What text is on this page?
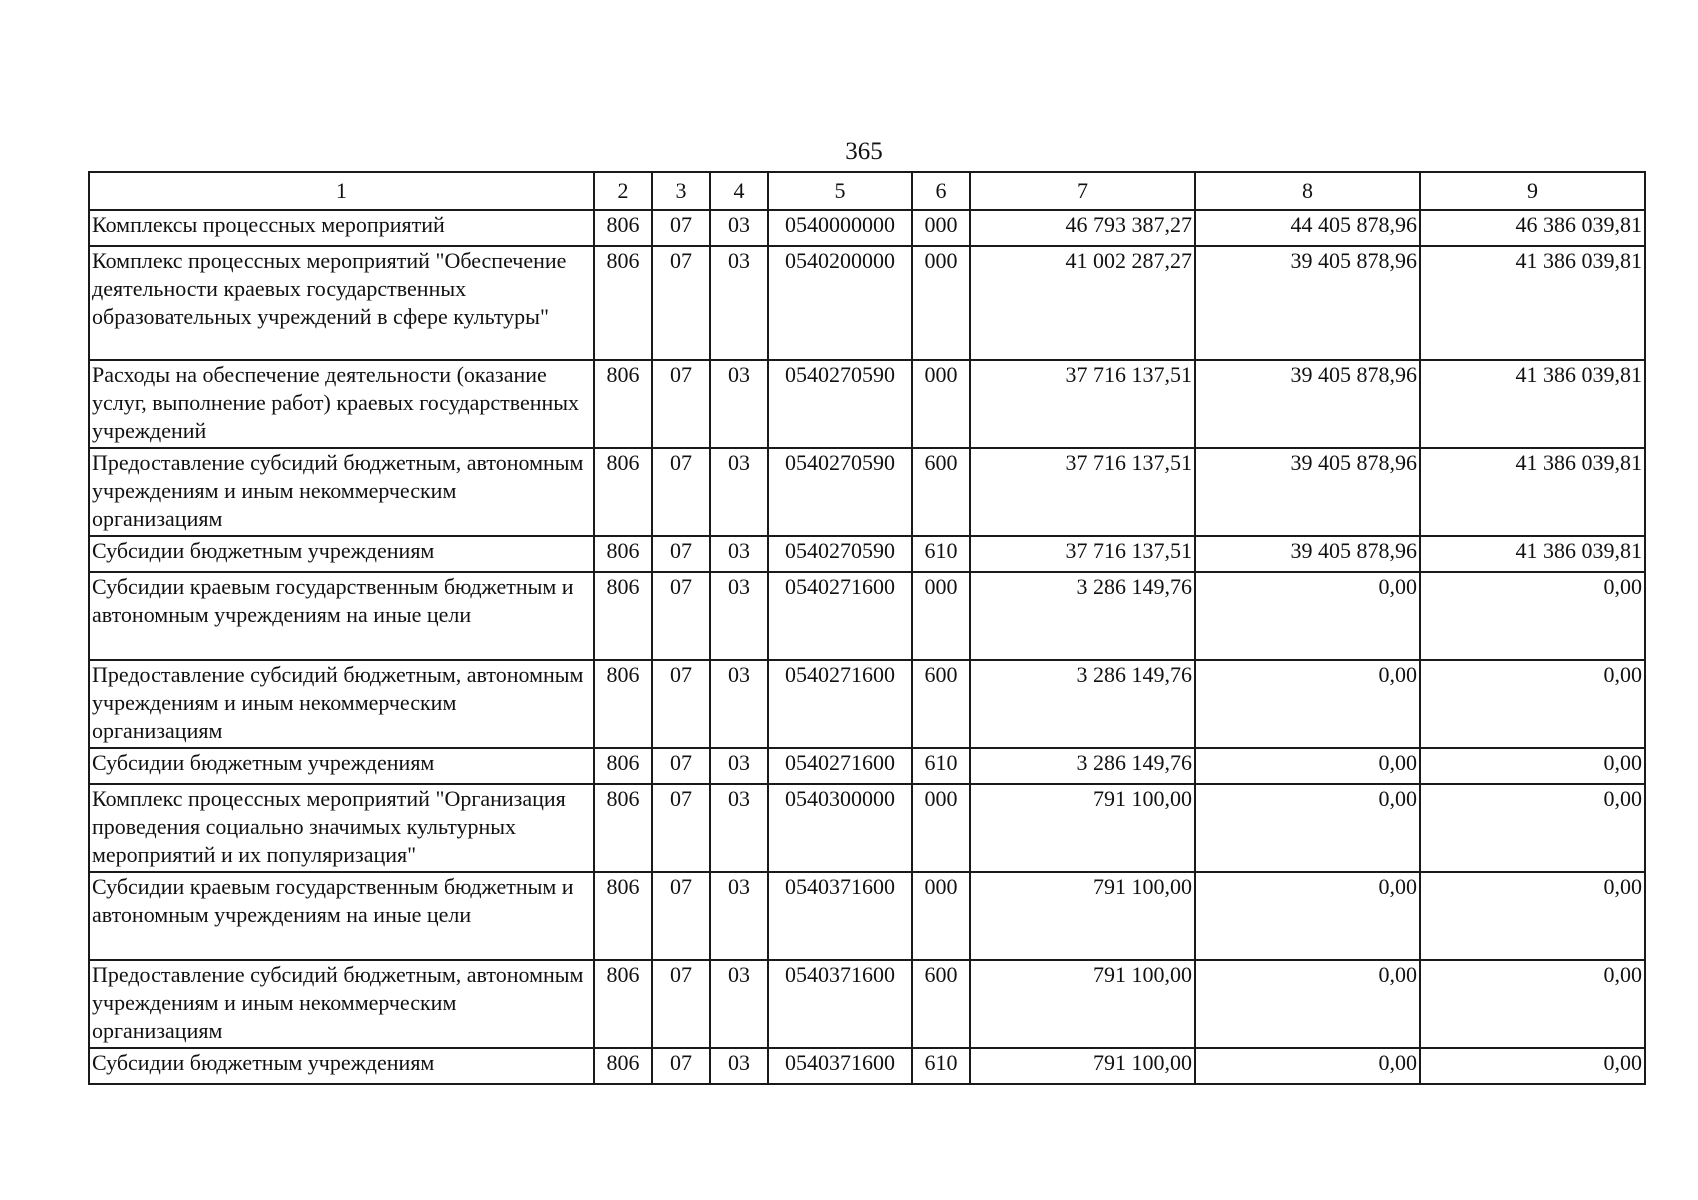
365
1	2	3	4	5	6	7	8	9
Комплексы процессных мероприятий	806	07	03	0540000000	000	46 793 387,27	44 405 878,96	46 386 039,81
Комплекс процессных мероприятий "Обеспечение деятельности краевых государственных образовательных учреждений в сфере культуры"	806	07	03	0540200000	000	41 002 287,27	39 405 878,96	41 386 039,81
Расходы на обеспечение деятельности (оказание услуг, выполнение работ) краевых государственных учреждений	806	07	03	0540270590	000	37 716 137,51	39 405 878,96	41 386 039,81
Предоставление субсидий бюджетным, автономным учреждениям и иным некоммерческим организациям	806	07	03	0540270590	600	37 716 137,51	39 405 878,96	41 386 039,81
Субсидии бюджетным учреждениям	806	07	03	0540270590	610	37 716 137,51	39 405 878,96	41 386 039,81
Субсидии краевым государственным бюджетным и автономным учреждениям на иные цели	806	07	03	0540271600	000	3 286 149,76	0,00	0,00
Предоставление субсидий бюджетным, автономным учреждениям и иным некоммерческим организациям	806	07	03	0540271600	600	3 286 149,76	0,00	0,00
Субсидии бюджетным учреждениям	806	07	03	0540271600	610	3 286 149,76	0,00	0,00
Комплекс процессных мероприятий "Организация проведения социально значимых культурных мероприятий и их популяризация"	806	07	03	0540300000	000	791 100,00	0,00	0,00
Субсидии краевым государственным бюджетным и автономным учреждениям на иные цели	806	07	03	0540371600	000	791 100,00	0,00	0,00
Предоставление субсидий бюджетным, автономным учреждениям и иным некоммерческим организациям	806	07	03	0540371600	600	791 100,00	0,00	0,00
Субсидии бюджетным учреждениям	806	07	03	0540371600	610	791 100,00	0,00	0,00
